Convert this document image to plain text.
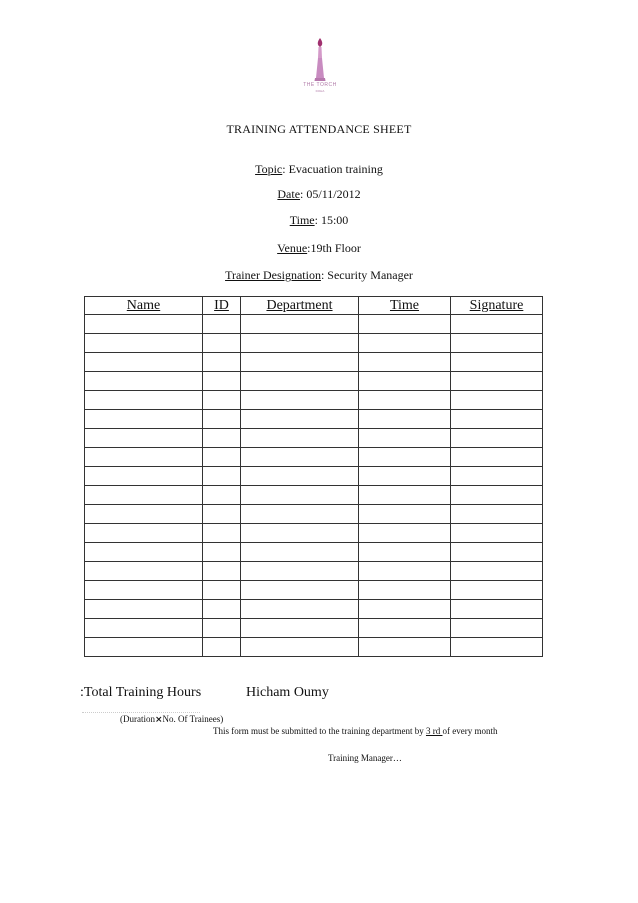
THE TORCH
DOHA
TRAINING ATTENDANCE SHEET
Topic: Evacuation training
Date: 05/11/2012
Time: 15:00
Venue:19th Floor
Trainer Designation: Security Manager
Name	ID	Department	Time	Signature

:Total Training Hours	Hicham Oumy
(Duration×No. Of Trainees)
This form must be submitted to the training department by 3 rd of every month
Training Manager…
